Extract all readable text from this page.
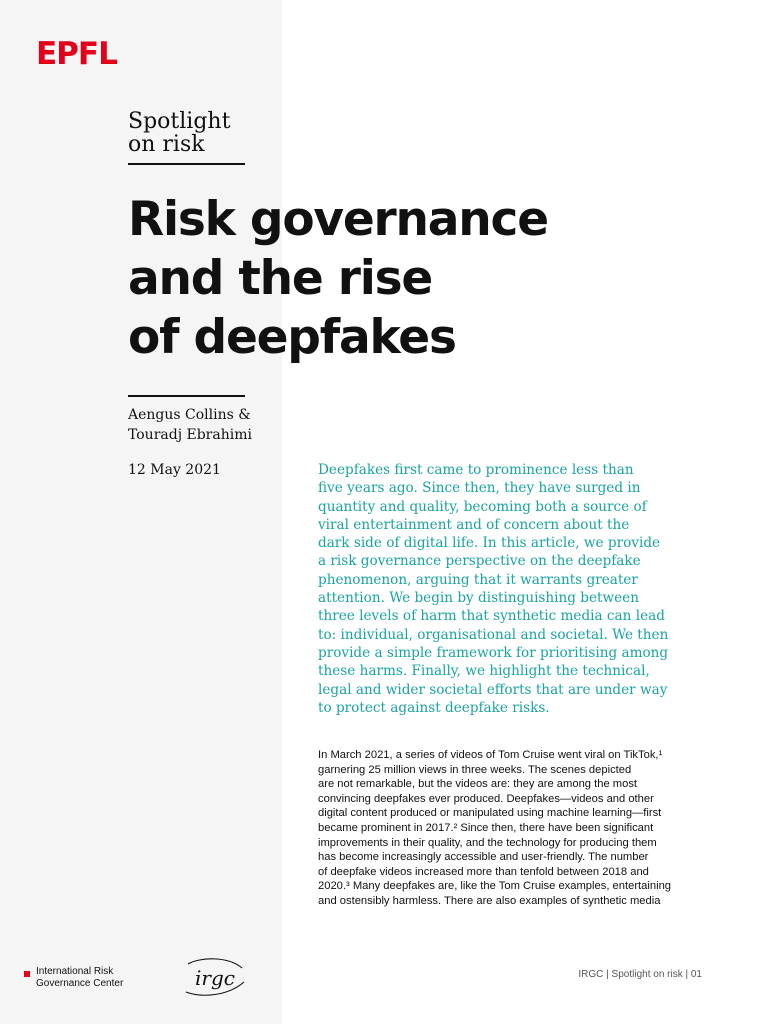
EPFL
Spotlight
on risk
Risk governance
and the rise
of deepfakes
Aengus Collins &
Touradj Ebrahimi
12 May 2021	Deepfakes first came to prominence less than
five years ago. Since then, they have surged in
quantity and quality, becoming both a source of
viral entertainment and of concern about the
dark side of digital life. In this article, we provide
a risk governance perspective on the deepfake
phenomenon, arguing that it warrants greater
attention. We begin by distinguishing between
three levels of harm that synthetic media can lead
to: individual, organisational and societal. We then
provide a simple framework for prioritising among
these harms. Finally, we highlight the technical,
legal and wider societal efforts that are under way
to protect against deepfake risks.
In March 2021, a series of videos of Tom Cruise went viral on TikTok,¹
garnering 25 million views in three weeks. The scenes depicted
are not remarkable, but the videos are: they are among the most
convincing deepfakes ever produced. Deepfakes—videos and other
digital content produced or manipulated using machine learning—first
became prominent in 2017.² Since then, there have been significant
improvements in their quality, and the technology for producing them
has become increasingly accessible and user-friendly. The number
of deepfake videos increased more than tenfold between 2018 and
2020.³ Many deepfakes are, like the Tom Cruise examples, entertaining
and ostensibly harmless. There are also examples of synthetic media
International Risk
Governance Center	irgc	IRGC | Spotlight on risk | 01
